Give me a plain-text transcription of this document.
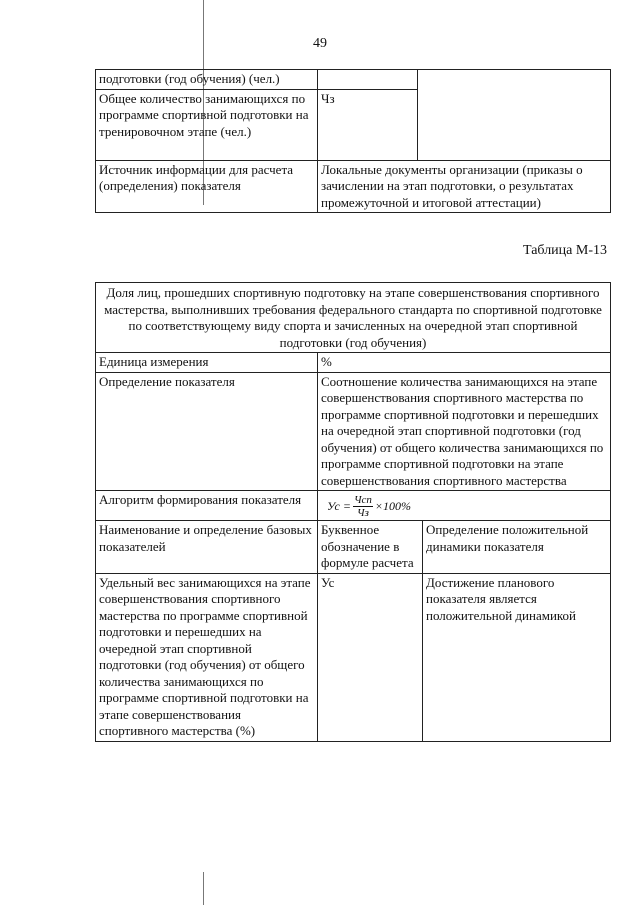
49
подготовки (год обучения) (чел.)		
Общее количество занимающихся по программе спортивной подготовки на тренировочном этапе (чел.)	Чз	
Источник информации для расчета (определения) показателя	Локальные документы организации (приказы о зачислении на этап подготовки, о результатах промежуточной и итоговой аттестации)	
Таблица М-13
Доля лиц, прошедших спортивную подготовку на этапе совершенствования спортивного мастерства, выполнивших требования федерального стандарта по спортивной подготовке по соответствующему виду спорта и зачисленных на очередной этап спортивной подготовки (год обучения)		
Единица измерения	%	
Определение показателя	Соотношение количества занимающихся на этапе совершенствования спортивного мастерства по программе спортивной подготовки и перешедших на очередной этап спортивной подготовки (год обучения) от общего количества занимающихся по программе спортивной подготовки на этапе совершенствования спортивного мастерства	
Алгоритм формирования показателя	Ус = $\frac{\text{Чсп}}{Чз} \times 100\%$	

Наименование и определение базовых показателей	Буквенное обозначение в формуле расчета	Определение положительной динамики показателя
Удельный вес занимающихся на этапе совершенствования спортивного мастерства по программе спортивной подготовки и перешедших на очередной этап спортивной подготовки (год обучения) от общего количества занимающихся по программе спортивной подготовки на этапе совершенствования спортивного мастерства (%)	Ус	Достижение планового показателя является положительной динамикой
